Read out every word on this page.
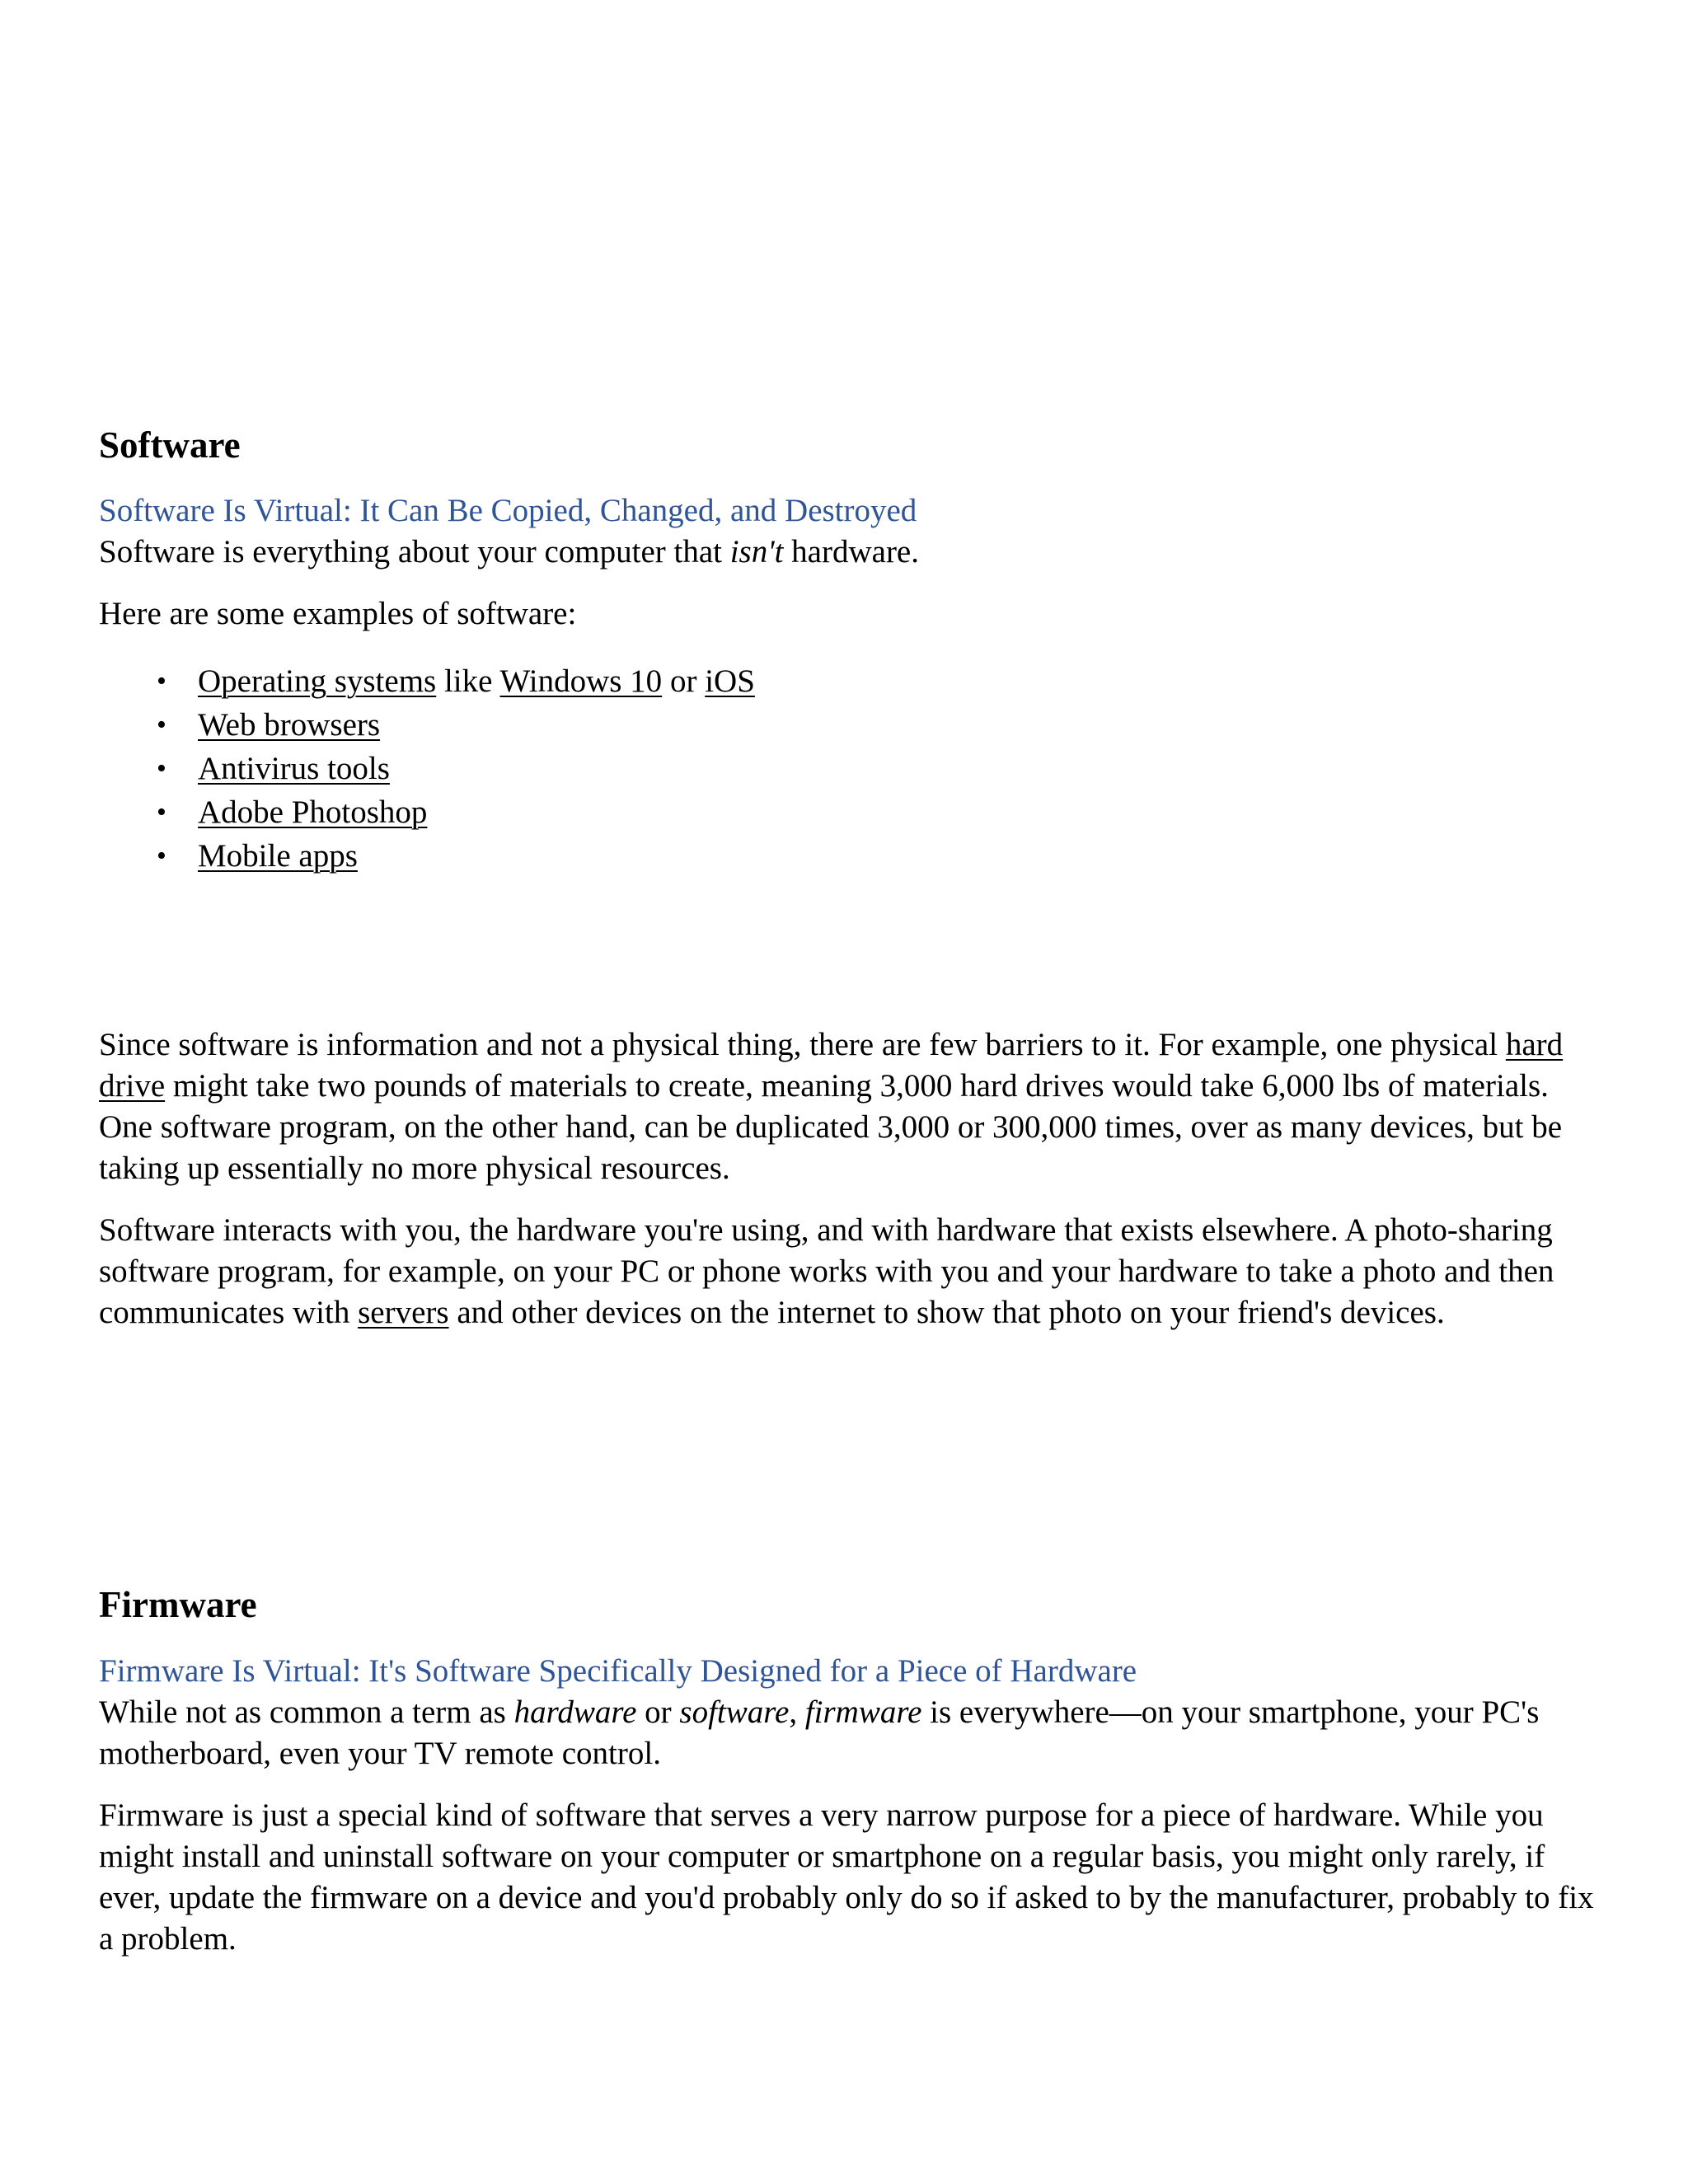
Software

Software Is Virtual: It Can Be Copied, Changed, and Destroyed

Software is everything about your computer that isn't hardware.

Here are some examples of software:

• Operating systems like Windows 10 or iOS
• Web browsers
• Antivirus tools
• Adobe Photoshop
• Mobile apps

Since software is information and not a physical thing, there are few barriers to it. For example, one physical hard drive might take two pounds of materials to create, meaning 3,000 hard drives would take 6,000 lbs of materials. One software program, on the other hand, can be duplicated 3,000 or 300,000 times, over as many devices, but be taking up essentially no more physical resources.

Software interacts with you, the hardware you're using, and with hardware that exists elsewhere. A photo-sharing software program, for example, on your PC or phone works with you and your hardware to take a photo and then communicates with servers and other devices on the internet to show that photo on your friend's devices.

Firmware

Firmware Is Virtual: It's Software Specifically Designed for a Piece of Hardware

While not as common a term as hardware or software, firmware is everywhere—on your smartphone, your PC's motherboard, even your TV remote control.

Firmware is just a special kind of software that serves a very narrow purpose for a piece of hardware. While you might install and uninstall software on your computer or smartphone on a regular basis, you might only rarely, if ever, update the firmware on a device and you'd probably only do so if asked to by the manufacturer, probably to fix a problem.
